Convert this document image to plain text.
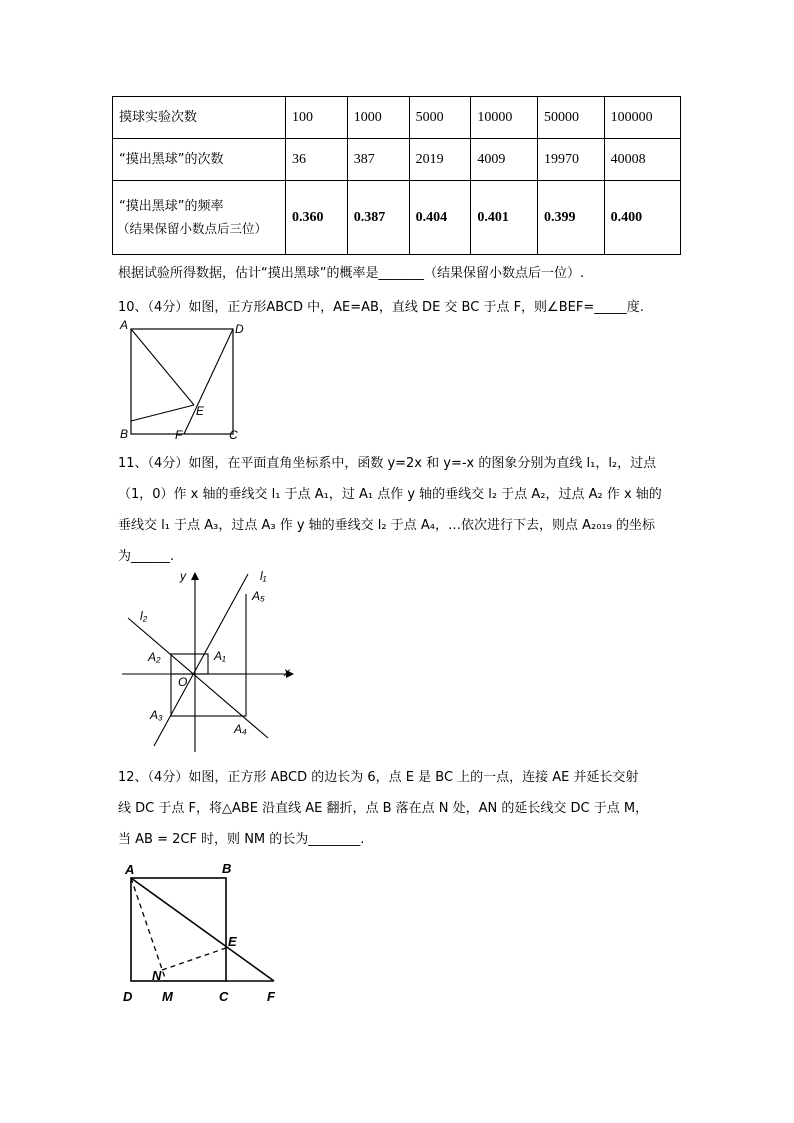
摸球实验次数	100	1000	5000	10000	50000	100000
“摸出黑球”的次数	36	387	2019	4009	19970	40008

“摸出黑球”的频率
（结果保留小数点后三位）	0.360	0.387	0.404	0.401	0.399	0.400
根据试验所得数据，估计“摸出黑球”的概率是_______（结果保留小数点后一位）.
10、（4分）如图，正方形ABCD 中，AE=AB，直线 DE 交 BC 于点 F，则∠BEF=_____度.
A	D
B	C
E
F
11、（4分）如图，在平面直角坐标系中，函数 y=2x 和 y=-x 的图象分别为直线 l₁，l₂，过点
（1，0）作 x 轴的垂线交 l₁ 于点 A₁，过 A₁ 点作 y 轴的垂线交 l₂ 于点 A₂，过点 A₂ 作 x 轴的
垂线交 l₁ 于点 A₃，过点 A₃ 作 y 轴的垂线交 l₂ 于点 A₄，…依次进行下去，则点 A₂₀₁₉ 的坐标
为______.
y
x
O
l₁
l₂
A₁
A₂
A₃
A₄
A₅
12、（4分）如图，正方形 ABCD 的边长为 6，点 E 是 BC 上的一点，连接 AE 并延长交射
线 DC 于点 F，将△ABE 沿直线 AE 翻折，点 B 落在点 N 处，AN 的延长线交 DC 于点 M，
当 AB = 2CF 时，则 NM 的长为________.
A	B
E
N
D M	C	F
